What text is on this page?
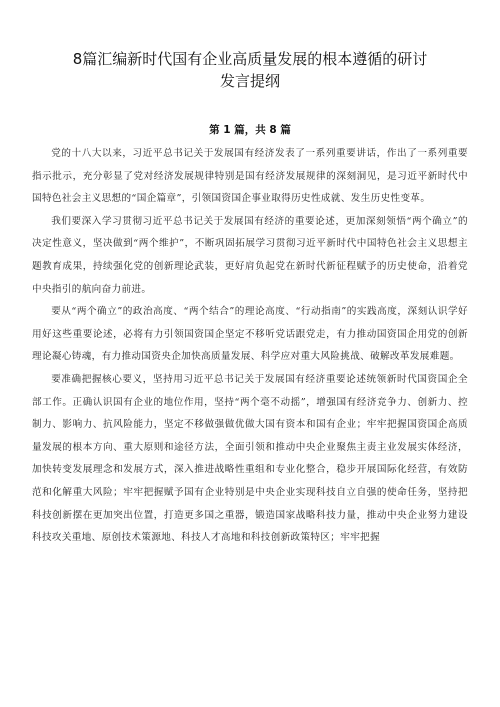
8篇汇编新时代国有企业高质量发展的根本遵循的研讨
发言提纲
第 1 篇，共 8 篇

党的十八大以来，习近平总书记关于发展国有经济发表了一系列重要讲话，作出了一系列重要指示批示，充分彰显了党对经济发展规律特别是国有经济发展规律的深刻洞见，是习近平新时代中国特色社会主义思想的“国企篇章”，引领国资国企事业取得历史性成就、发生历史性变革。

我们要深入学习贯彻习近平总书记关于发展国有经济的重要论述，更加深刻领悟“两个确立”的决定性意义，坚决做到“两个维护”，不断巩固拓展学习贯彻习近平新时代中国特色社会主义思想主题教育成果，持续强化党的创新理论武装，更好肩负起党在新时代新征程赋予的历史使命，沿着党中央指引的航向奋力前进。

要从“两个确立”的政治高度、“两个结合”的理论高度、“行动指南”的实践高度，深刻认识学好用好这些重要论述，必将有力引领国资国企坚定不移听党话跟党走，有力推动国资国企用党的创新理论凝心铸魂，有力推动国资央企加快高质量发展、科学应对重大风险挑战、破解改革发展难题。

要准确把握核心要义，坚持用习近平总书记关于发展国有经济重要论述统领新时代国资国企全部工作。正确认识国有企业的地位作用，坚持“两个毫不动摇”，增强国有经济竞争力、创新力、控制力、影响力、抗风险能力，坚定不移做强做优做大国有资本和国有企业；牢牢把握国资国企高质量发展的根本方向、重大原则和途径方法，全面引领和推动中央企业聚焦主责主业发展实体经济，加快转变发展理念和发展方式，深入推进战略性重组和专业化整合，稳步开展国际化经营，有效防范和化解重大风险；牢牢把握赋予国有企业特别是中央企业实现科技自立自强的使命任务，坚持把科技创新摆在更加突出位置，打造更多国之重器，锻造国家战略科技力量，推动中央企业努力建设科技攻关重地、原创技术策源地、科技人才高地和科技创新政策特区；牢牢把握
